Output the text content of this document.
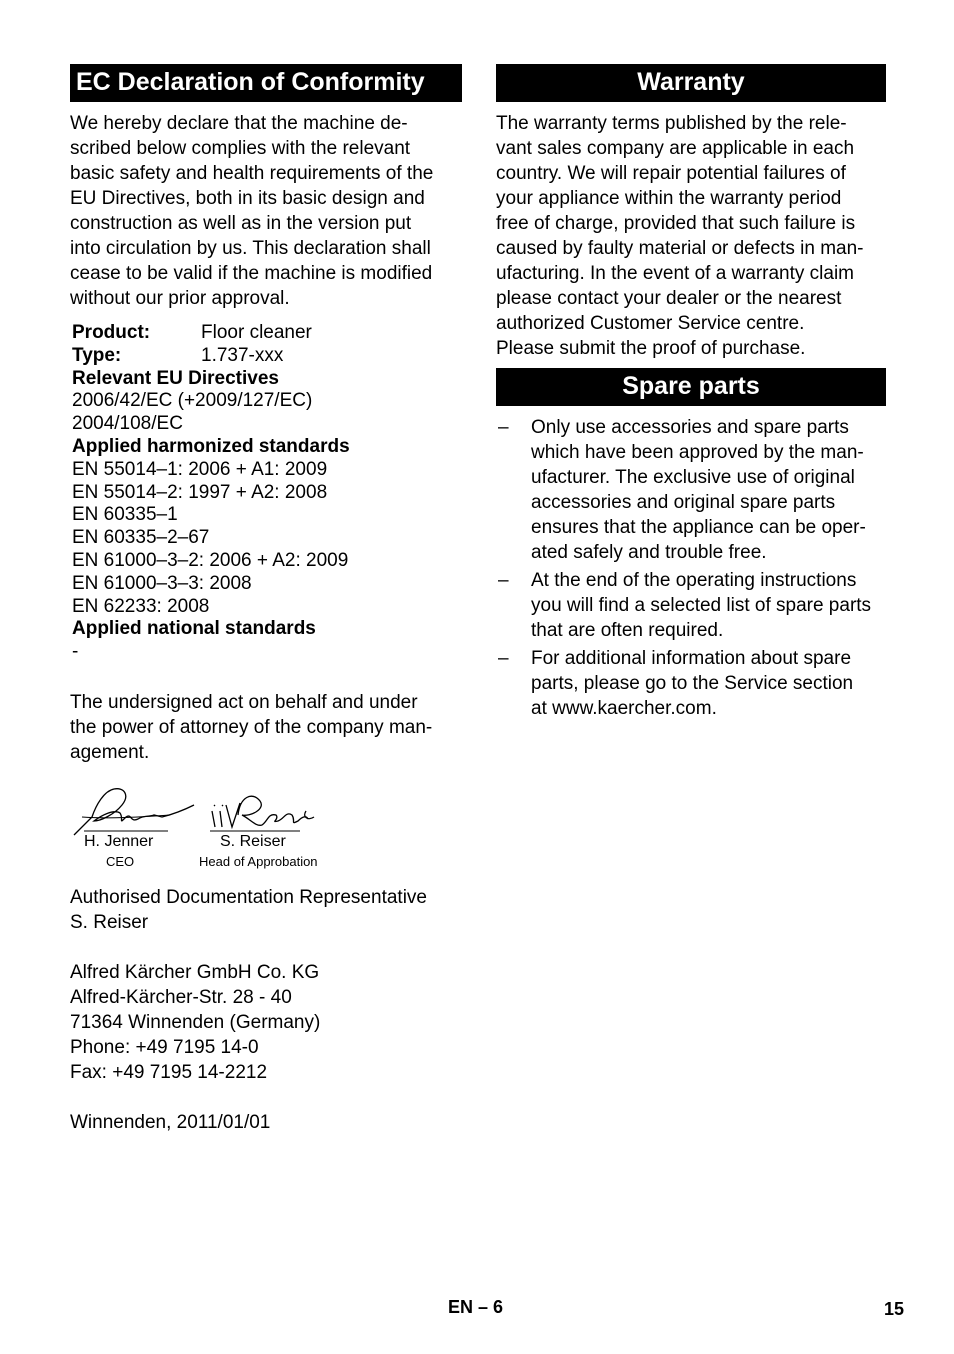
EC Declaration of Conformity
We hereby declare that the machine de-
scribed below complies with the relevant
basic safety and health requirements of the
EU Directives, both in its basic design and
construction as well as in the version put
into circulation by us. This declaration shall
cease to be valid if the machine is modified
without our prior approval.
Product:	Floor cleaner
Type:	1.737-xxx
Relevant EU Directives
2006/42/EC (+2009/127/EC)
2004/108/EC
Applied harmonized standards
EN 55014–1: 2006 + A1: 2009
EN 55014–2: 1997 + A2: 2008
EN 60335–1
EN 60335–2–67
EN 61000–3–2: 2006 + A2: 2009
EN 61000–3–3: 2008
EN 62233: 2008
Applied national standards
-
The undersigned act on behalf and under
the power of attorney of the company man-
agement.
H. Jenner
CEO
S. Reiser
Head of Approbation
Authorised Documentation Representative
S. Reiser
Alfred Kärcher GmbH Co. KG
Alfred-Kärcher-Str. 28 - 40
71364 Winnenden (Germany)
Phone: +49 7195 14-0
Fax: +49 7195 14-2212
Winnenden, 2011/01/01
Warranty
The warranty terms published by the rele-
vant sales company are applicable in each
country. We will repair potential failures of
your appliance within the warranty period
free of charge, provided that such failure is
caused by faulty material or defects in man-
ufacturing. In the event of a warranty claim
please contact your dealer or the nearest
authorized Customer Service centre.
Please submit the proof of purchase.
Spare parts
–	Only use accessories and spare parts
which have been approved by the man-
ufacturer. The exclusive use of original
accessories and original spare parts
ensures that the appliance can be oper-
ated safely and trouble free.
–	At the end of the operating instructions
you will find a selected list of spare parts
that are often required.
–	For additional information about spare
parts, please go to the Service section
at www.kaercher.com.
EN – 6	15
